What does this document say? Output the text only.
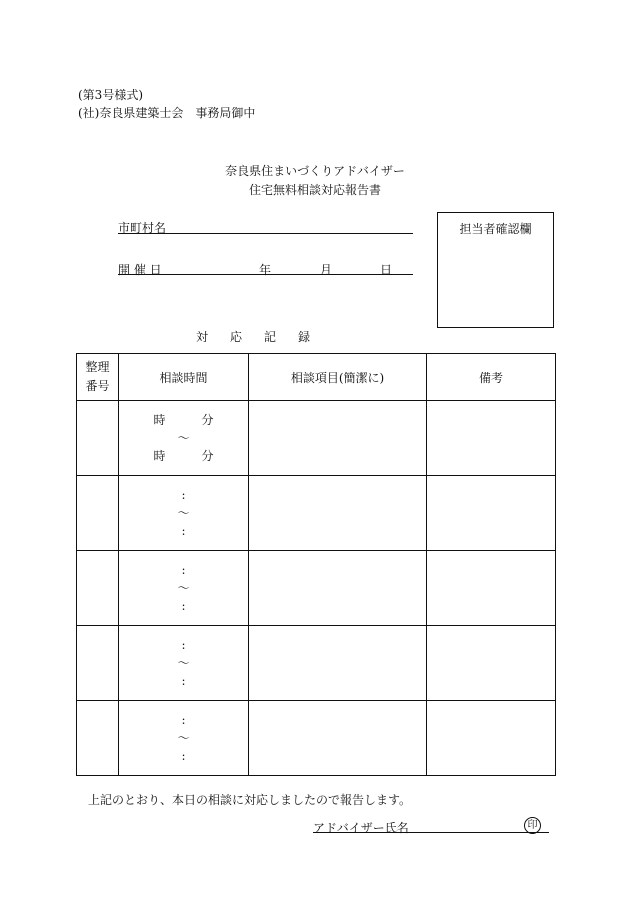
(第3号様式)
(社)奈良県建築士会　事務局御中
奈良県住まいづくりアドバイザー
住宅無料相談対応報告書
市町村名
開 催 日	年	月	日
担当者確認欄
対応記録
整理
番号	相談時間	相談項目(簡潔に)	備考

	時 分
〜
時 分		

	:
〜
:		

	:
〜
:		

	:
〜
:		

	:
〜
:		

上記のとおり、本日の相談に対応しましたので報告します。
アドバイザー氏名	印
